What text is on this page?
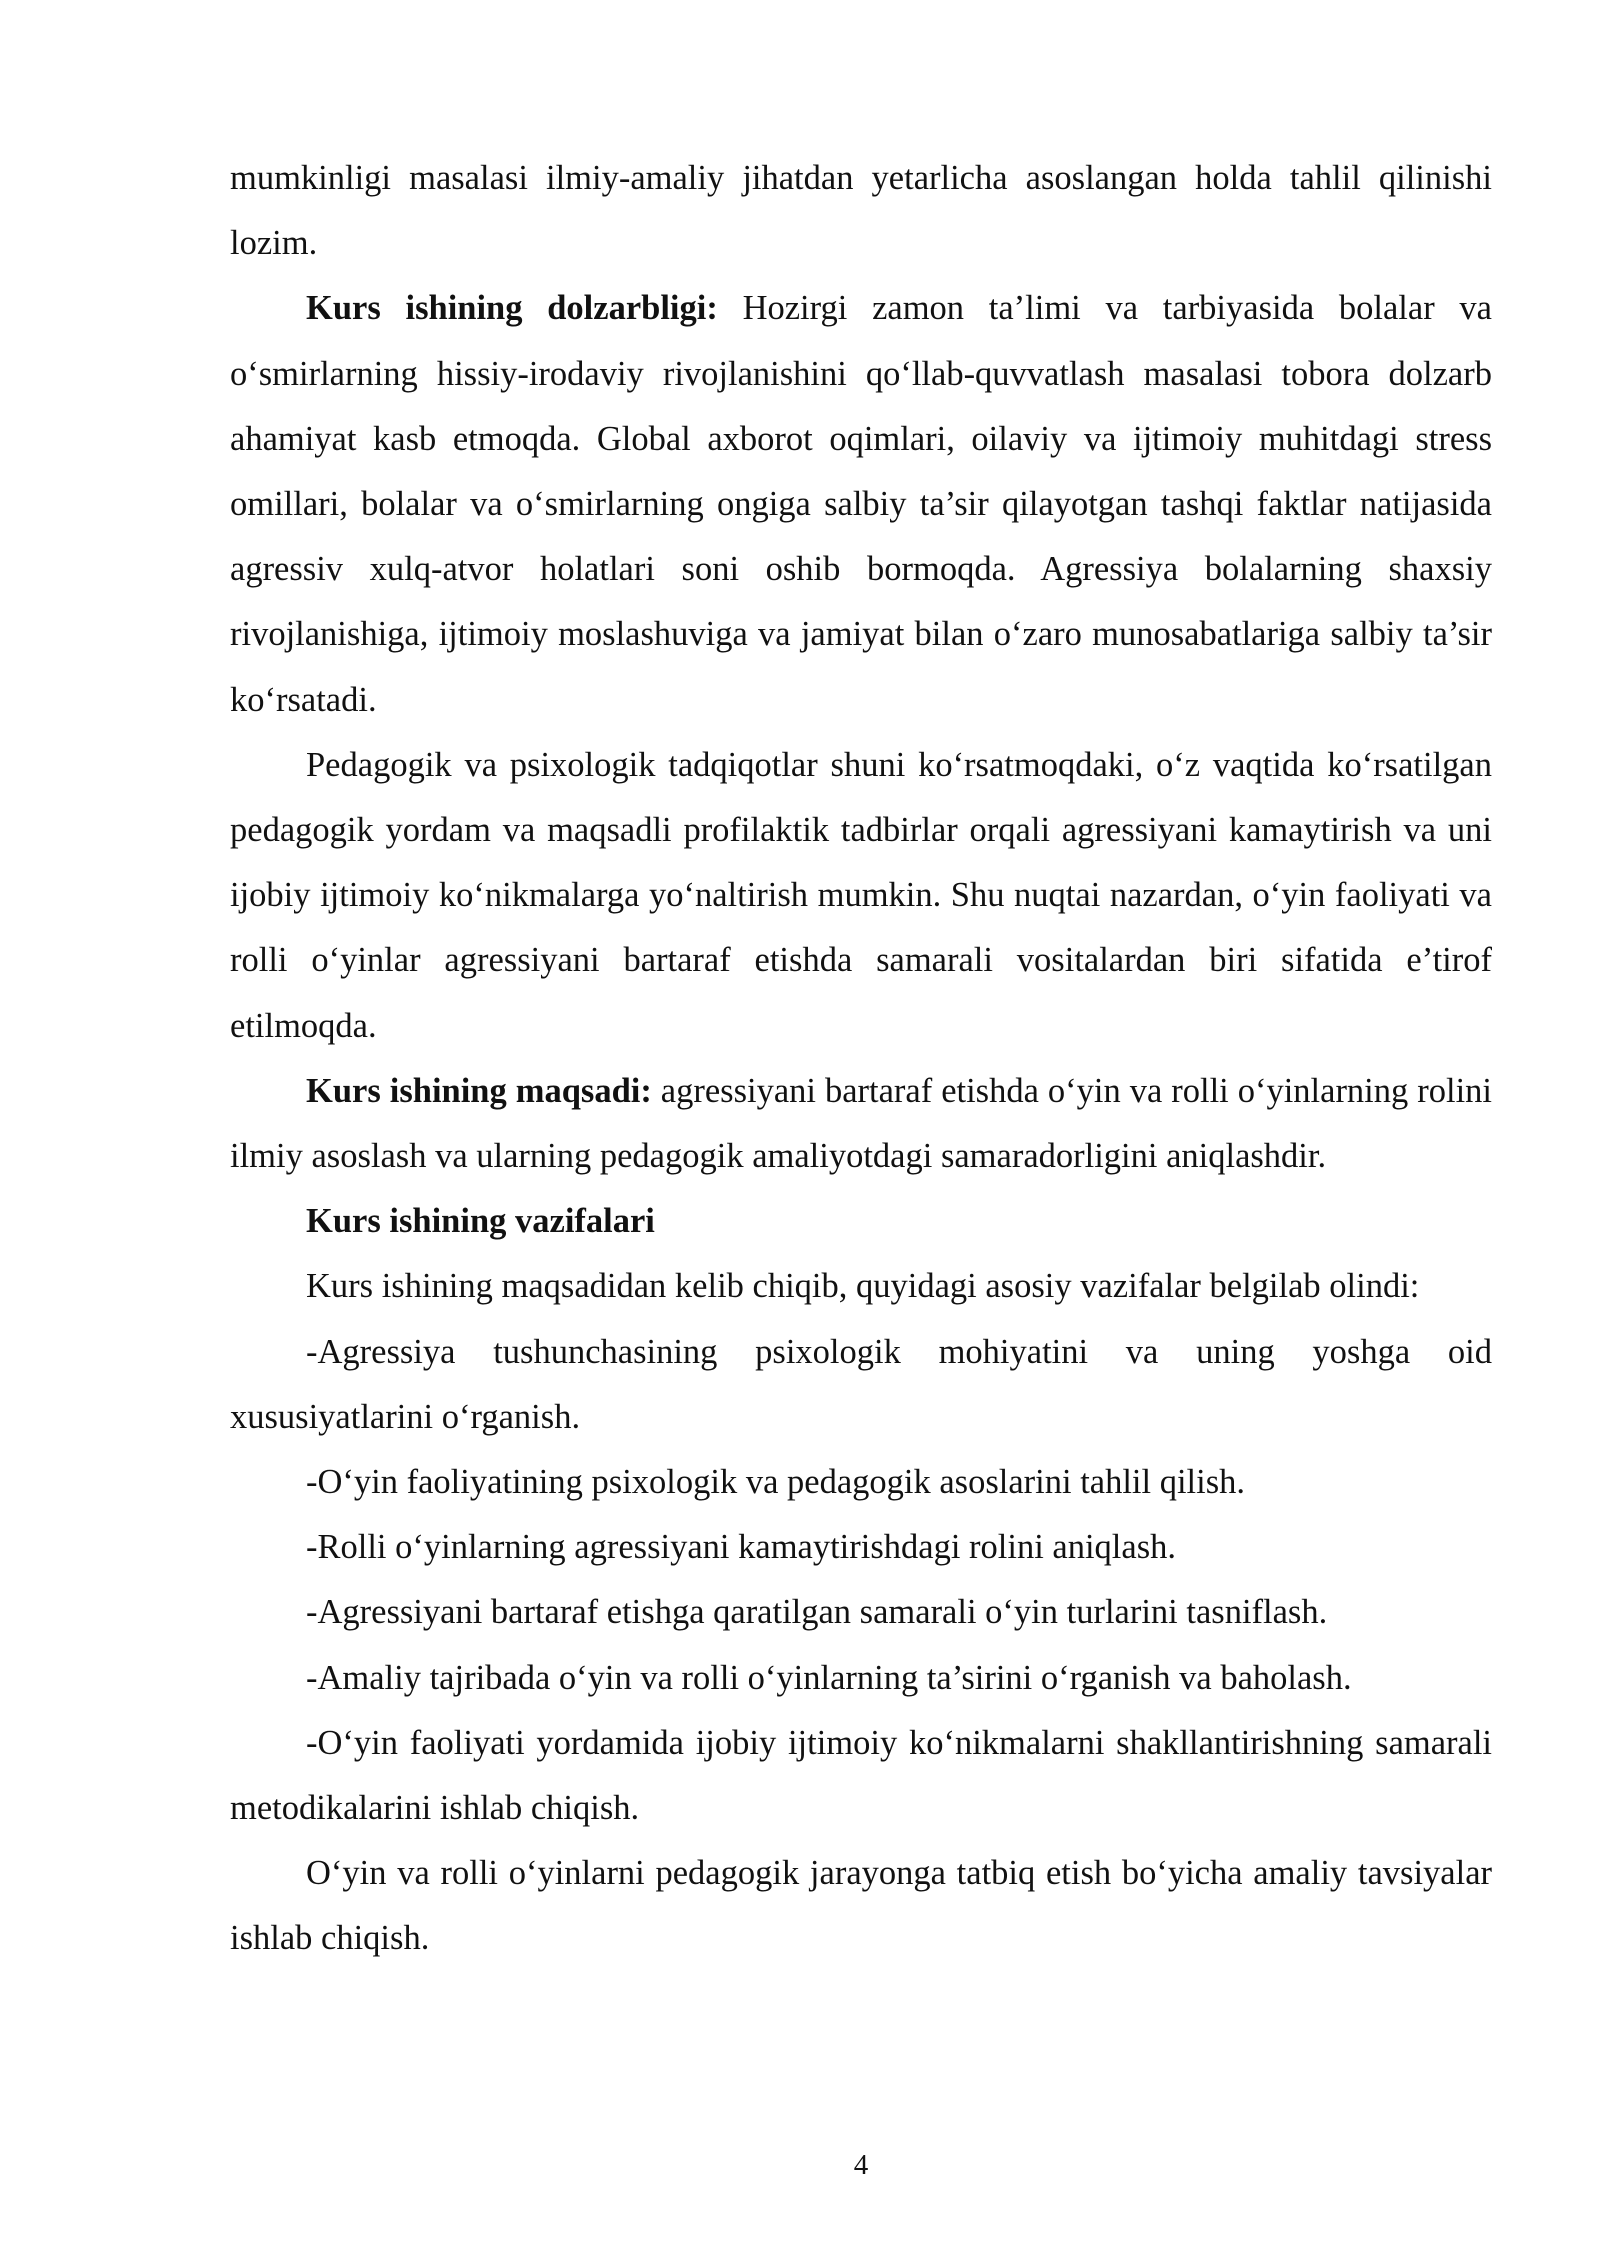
mumkinligi masalasi ilmiy-amaliy jihatdan yetarlicha asoslangan holda tahlil qilinishi lozim.

Kurs ishining dolzarbligi: Hozirgi zamon ta’limi va tarbiyasida bolalar va o‘smirlarning hissiy-irodaviy rivojlanishini qo‘llab-quvvatlash masalasi tobora dolzarb ahamiyat kasb etmoqda. Global axborot oqimlari, oilaviy va ijtimoiy muhitdagi stress omillari, bolalar va o‘smirlarning ongiga salbiy ta’sir qilayotgan tashqi faktlar natijasida agressiv xulq-atvor holatlari soni oshib bormoqda. Agressiya bolalarning shaxsiy rivojlanishiga, ijtimoiy moslashuviga va jamiyat bilan o‘zaro munosabatlariga salbiy ta’sir ko‘rsatadi.

Pedagogik va psixologik tadqiqotlar shuni ko‘rsatmoqdaki, o‘z vaqtida ko‘rsatilgan pedagogik yordam va maqsadli profilaktik tadbirlar orqali agressiyani kamaytirish va uni ijobiy ijtimoiy ko‘nikmalarga yo‘naltirish mumkin. Shu nuqtai nazardan, o‘yin faoliyati va rolli o‘yinlar agressiyani bartaraf etishda samarali vositalardan biri sifatida e’tirof etilmoqda.

Kurs ishining maqsadi: agressiyani bartaraf etishda o‘yin va rolli o‘yinlarning rolini ilmiy asoslash va ularning pedagogik amaliyotdagi samaradorligini aniqlashdir.

Kurs ishining vazifalari

Kurs ishining maqsadidan kelib chiqib, quyidagi asosiy vazifalar belgilab olindi:

-Agressiya tushunchasining psixologik mohiyatini va uning yoshga oid xususiyatlarini o‘rganish.

-O‘yin faoliyatining psixologik va pedagogik asoslarini tahlil qilish.

-Rolli o‘yinlarning agressiyani kamaytirishdagi rolini aniqlash.

-Agressiyani bartaraf etishga qaratilgan samarali o‘yin turlarini tasniflash.

-Amaliy tajribada o‘yin va rolli o‘yinlarning ta’sirini o‘rganish va baholash.

-O‘yin faoliyati yordamida ijobiy ijtimoiy ko‘nikmalarni shakllantirishning samarali metodikalarini ishlab chiqish.

O‘yin va rolli o‘yinlarni pedagogik jarayonga tatbiq etish bo‘yicha amaliy tavsiyalar ishlab chiqish.

4
